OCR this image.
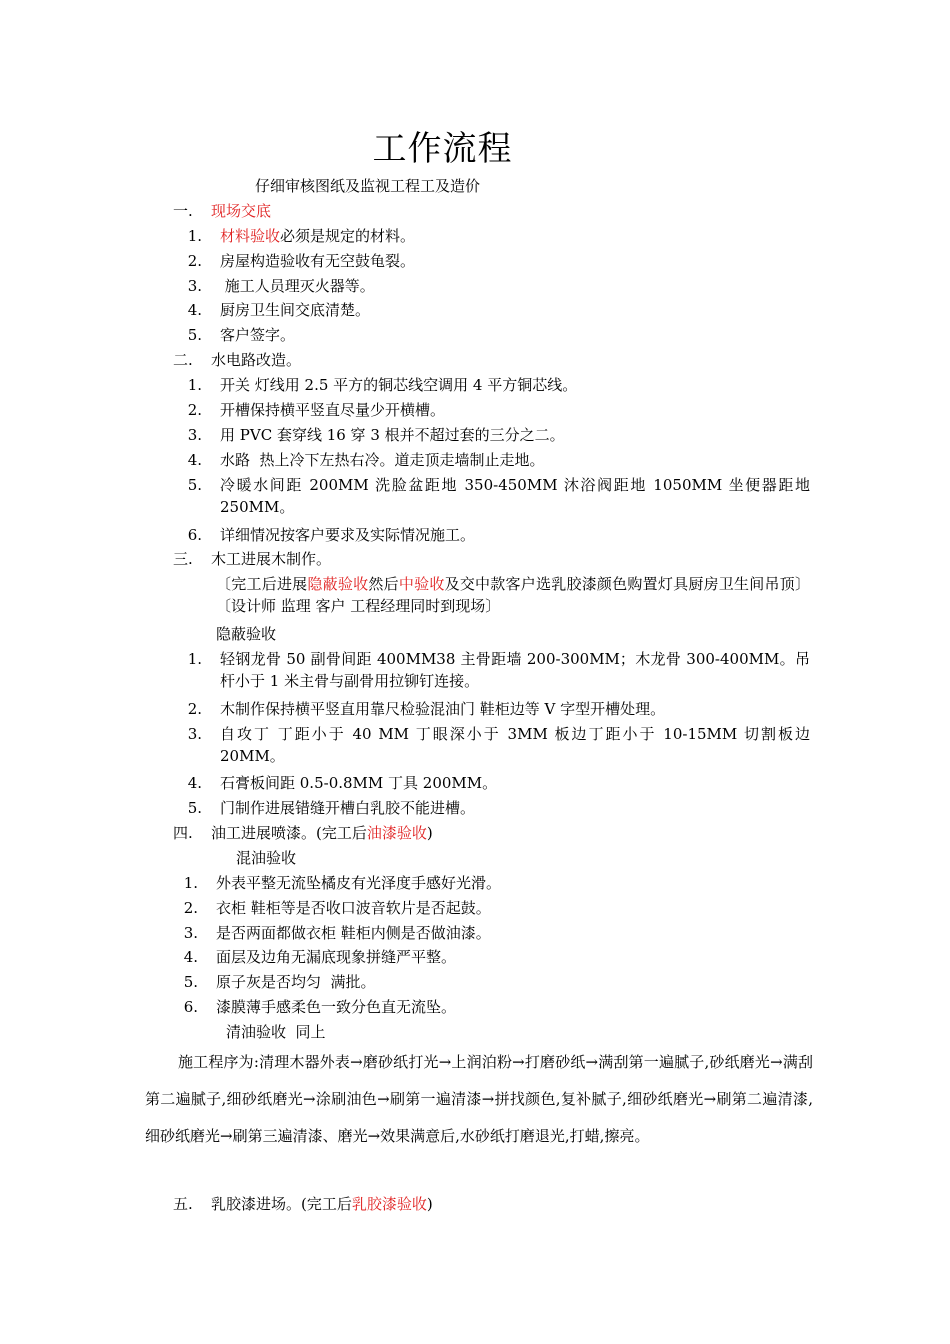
工作流程
仔细审核图纸及监视工程工及造价
一. 现场交底
1. 材料验收必须是规定的材料。
2. 房屋构造验收有无空鼓龟裂。
3. 施工人员理灭火器等。
4. 厨房卫生间交底清楚。
5. 客户签字。
二. 水电路改造。
1. 开关 灯线用 2.5 平方的铜芯线空调用 4 平方铜芯线。
2. 开槽保持横平竖直尽量少开横槽。
3. 用 PVC 套穿线 16 穿 3 根并不超过套的三分之二。
4. 水路  热上冷下左热右冷。道走顶走墙制止走地。
5. 冷暖水间距 200MM 洗脸盆距地 350-450MM 沐浴阀距地 1050MM 坐便器距地 250MM。
6. 详细情况按客户要求及实际情况施工。
三. 木工进展木制作。
〔完工后进展隐蔽验收然后中验收及交中款客户选乳胶漆颜色购置灯具厨房卫生间吊顶〕〔设计师 监理 客户 工程经理同时到现场〕
隐蔽验收
1. 轻钢龙骨 50 副骨间距 400MM38 主骨距墙 200-300MM；木龙骨 300-400MM。吊杆小于 1 米主骨与副骨用拉铆钉连接。
2. 木制作保持横平竖直用靠尺检验混油门 鞋柜边等 V 字型开槽处理。
3. 自攻丁 丁距小于 40 MM 丁眼深小于 3MM 板边丁距小于 10-15MM 切割板边 20MM。
4. 石膏板间距 0.5-0.8MM 丁具 200MM。
5. 门制作进展错缝开槽白乳胶不能进槽。
四. 油工进展喷漆。(完工后油漆验收)
混油验收
1. 外表平整无流坠橘皮有光泽度手感好光滑。
2. 衣柜 鞋柜等是否收口波音软片是否起鼓。
3. 是否两面都做衣柜 鞋柜内侧是否做油漆。
4. 面层及边角无漏底现象拼缝严平整。
5. 原子灰是否均匀  满批。
6. 漆膜薄手感柔色一致分色直无流坠。
清油验收  同上
施工程序为:清理木器外表→磨砂纸打光→上润泊粉→打磨砂纸→满刮第一遍腻子,砂纸磨光→满刮第二遍腻子,细砂纸磨光→涂刷油色→刷第一遍清漆→拼找颜色,复补腻子,细砂纸磨光→刷第二遍清漆,细砂纸磨光→刷第三遍清漆、磨光→效果满意后,水砂纸打磨退光,打蜡,擦亮。
五. 乳胶漆进场。(完工后乳胶漆验收)
